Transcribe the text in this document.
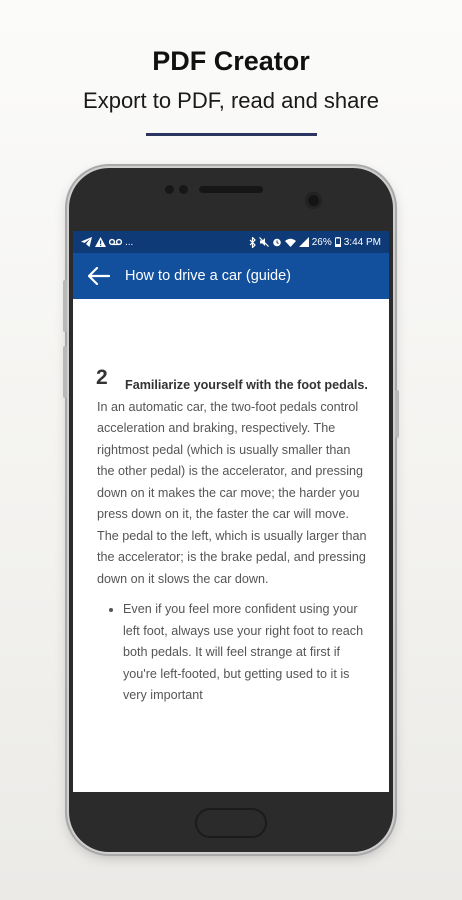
PDF Creator

Export to PDF, read and share

...	26% 3:44 PM
How to drive a car (guide)
2	Familiarize yourself with the foot pedals. In an automatic car, the two-foot pedals control acceleration and braking, respectively. The rightmost pedal (which is usually smaller than the other pedal) is the accelerator, and pressing down on it makes the car move; the harder you press down on it, the faster the car will move. The pedal to the left, which is usually larger than the accelerator; is the brake pedal, and pressing down on it slows the car down.

• Even if you feel more confident using your left foot, always use your right foot to reach both pedals. It will feel strange at first if you're left-footed, but getting used to it is very important
